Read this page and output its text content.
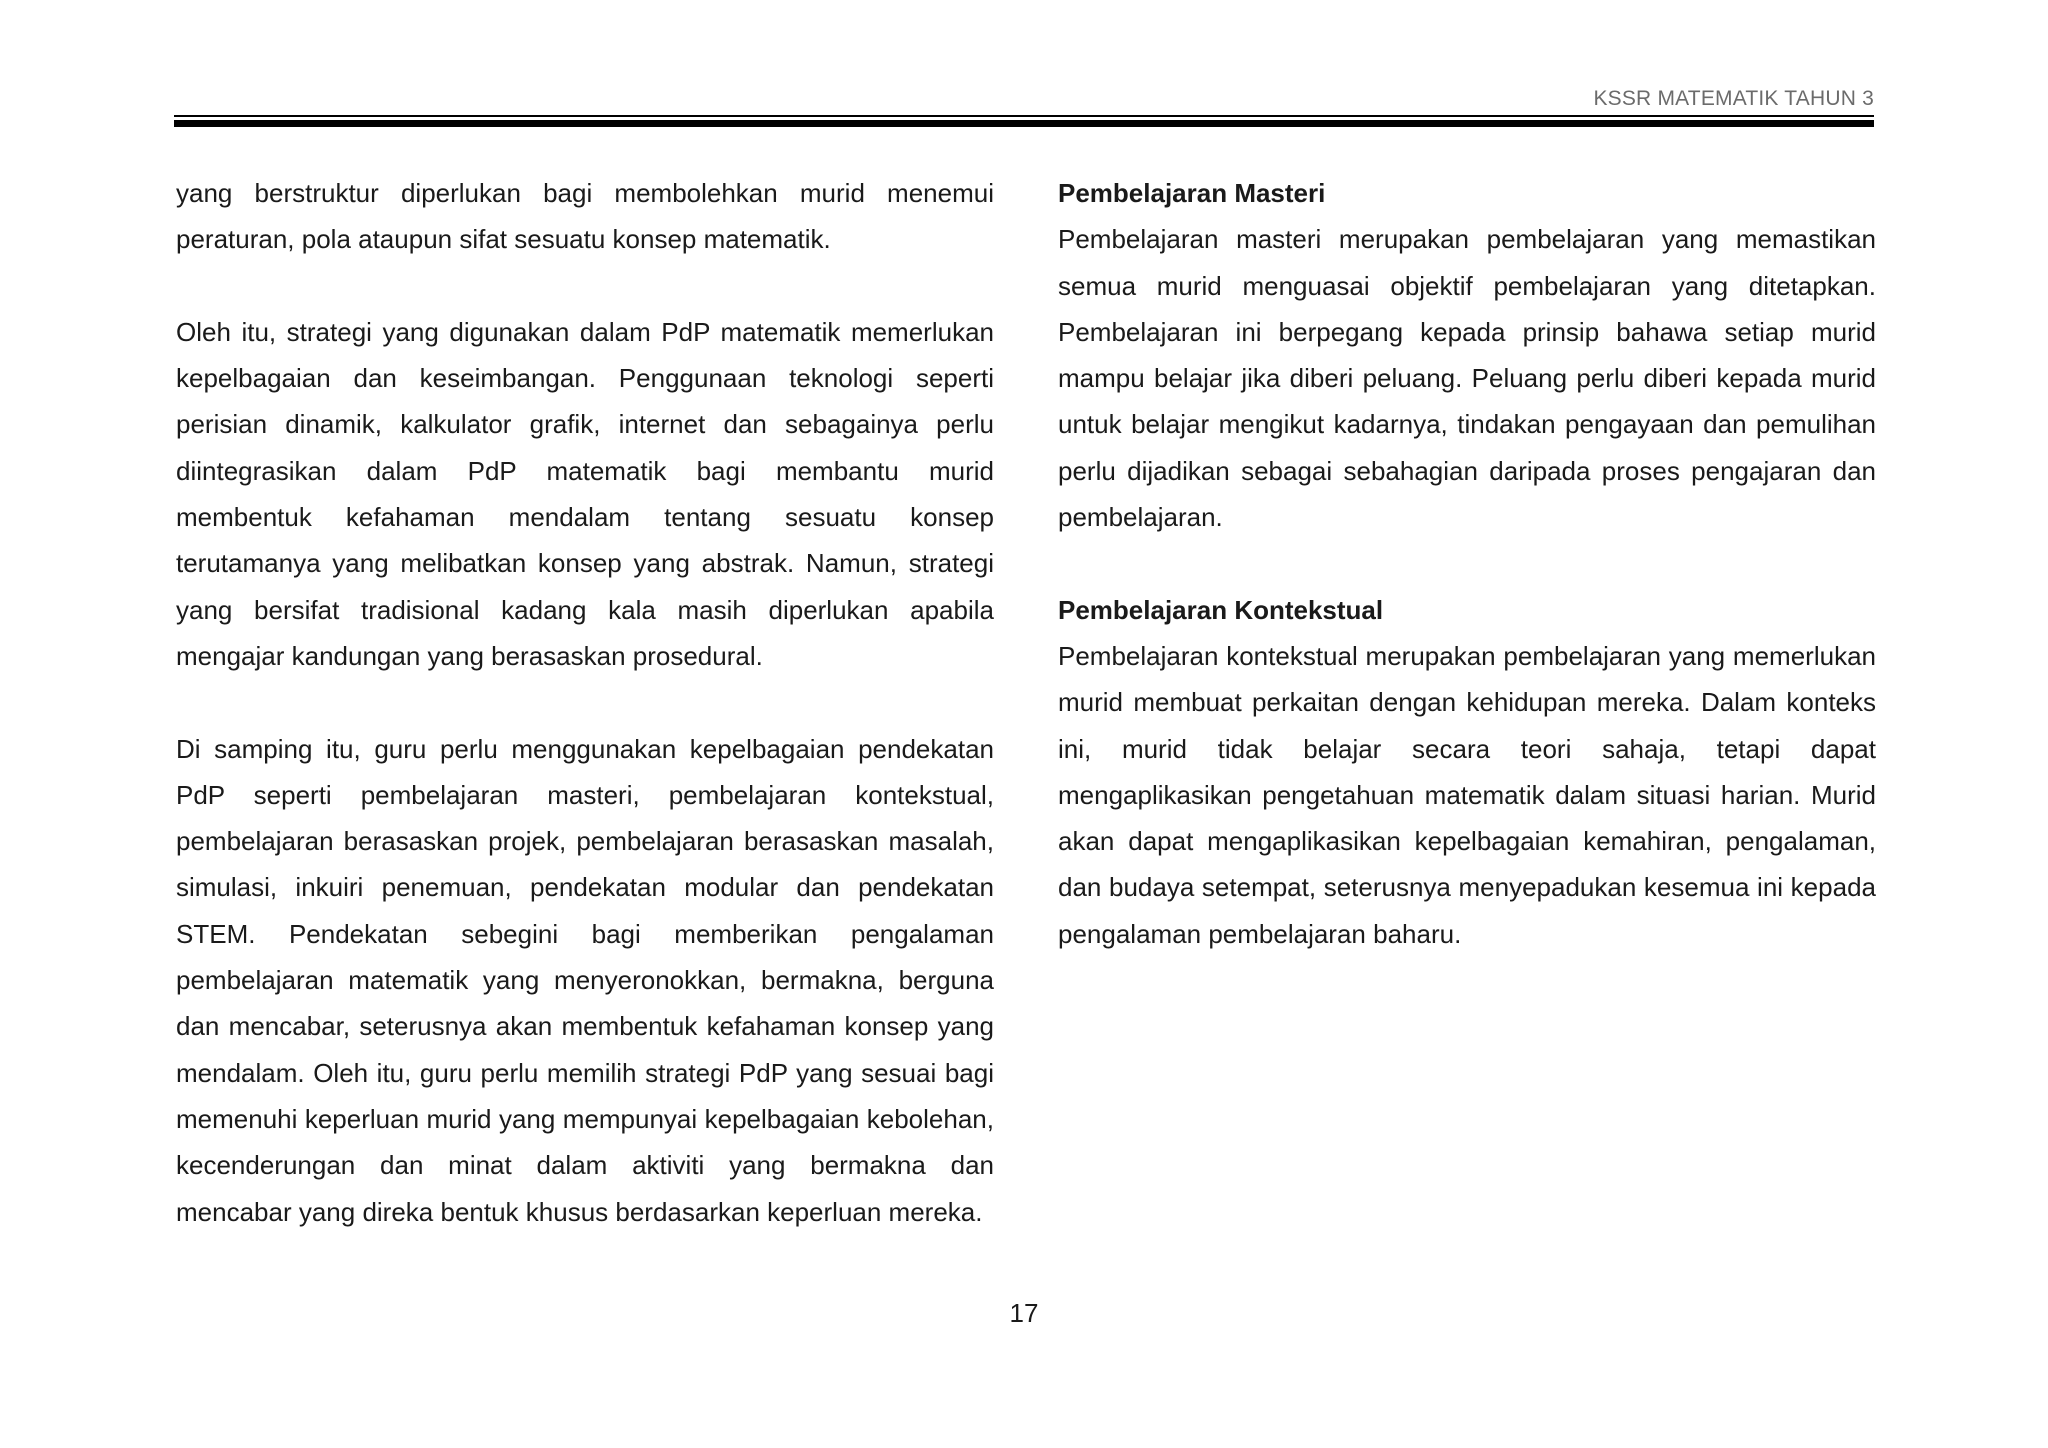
KSSR MATEMATIK TAHUN 3

yang berstruktur diperlukan bagi membolehkan murid menemui peraturan, pola ataupun sifat sesuatu konsep matematik.

Oleh itu, strategi yang digunakan dalam PdP matematik memerlukan kepelbagaian dan keseimbangan. Penggunaan teknologi seperti perisian dinamik, kalkulator grafik, internet dan sebagainya perlu diintegrasikan dalam PdP matematik bagi membantu murid membentuk kefahaman mendalam tentang sesuatu konsep terutamanya yang melibatkan konsep yang abstrak. Namun, strategi yang bersifat tradisional kadang kala masih diperlukan apabila mengajar kandungan yang berasaskan prosedural.

Di samping itu, guru perlu menggunakan kepelbagaian pendekatan PdP seperti pembelajaran masteri, pembelajaran kontekstual, pembelajaran berasaskan projek, pembelajaran berasaskan masalah, simulasi, inkuiri penemuan, pendekatan modular dan pendekatan STEM. Pendekatan sebegini bagi memberikan pengalaman pembelajaran matematik yang menyeronokkan, bermakna, berguna dan mencabar, seterusnya akan membentuk kefahaman konsep yang mendalam. Oleh itu, guru perlu memilih strategi PdP yang sesuai bagi memenuhi keperluan murid yang mempunyai kepelbagaian kebolehan, kecenderungan dan minat dalam aktiviti yang bermakna dan mencabar yang direka bentuk khusus berdasarkan keperluan mereka.

Pembelajaran Masteri

Pembelajaran masteri merupakan pembelajaran yang memastikan semua murid menguasai objektif pembelajaran yang ditetapkan. Pembelajaran ini berpegang kepada prinsip bahawa setiap murid mampu belajar jika diberi peluang. Peluang perlu diberi kepada murid untuk belajar mengikut kadarnya, tindakan pengayaan dan pemulihan perlu dijadikan sebagai sebahagian daripada proses pengajaran dan pembelajaran.

Pembelajaran Kontekstual

Pembelajaran kontekstual merupakan pembelajaran yang memerlukan murid membuat perkaitan dengan kehidupan mereka. Dalam konteks ini, murid tidak belajar secara teori sahaja, tetapi dapat mengaplikasikan pengetahuan matematik dalam situasi harian. Murid akan dapat mengaplikasikan kepelbagaian kemahiran, pengalaman, dan budaya setempat, seterusnya menyepadukan kesemua ini kepada pengalaman pembelajaran baharu.

17
